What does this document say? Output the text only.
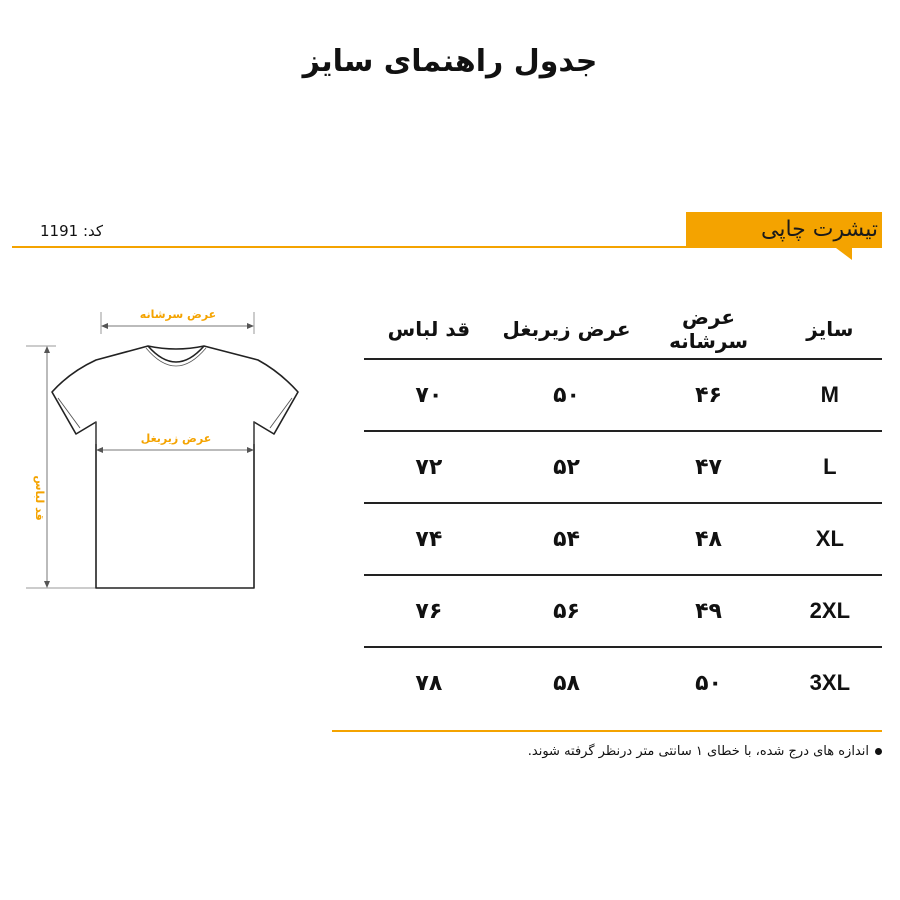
جدول راهنمای سایز
کد: 1191	تیشرت چاپی
عرض سرشانه
قد لباس
عرض زیربغل
سایز	عرض سرشانه	عرض زیربغل	قد لباس
M	۴۶	۵۰	۷۰
L	۴۷	۵۲	۷۲
XL	۴۸	۵۴	۷۴
2XL	۴۹	۵۶	۷۶
3XL	۵۰	۵۸	۷۸
اندازه های درج شده، با خطای ۱ سانتی متر درنظر گرفته شوند.
